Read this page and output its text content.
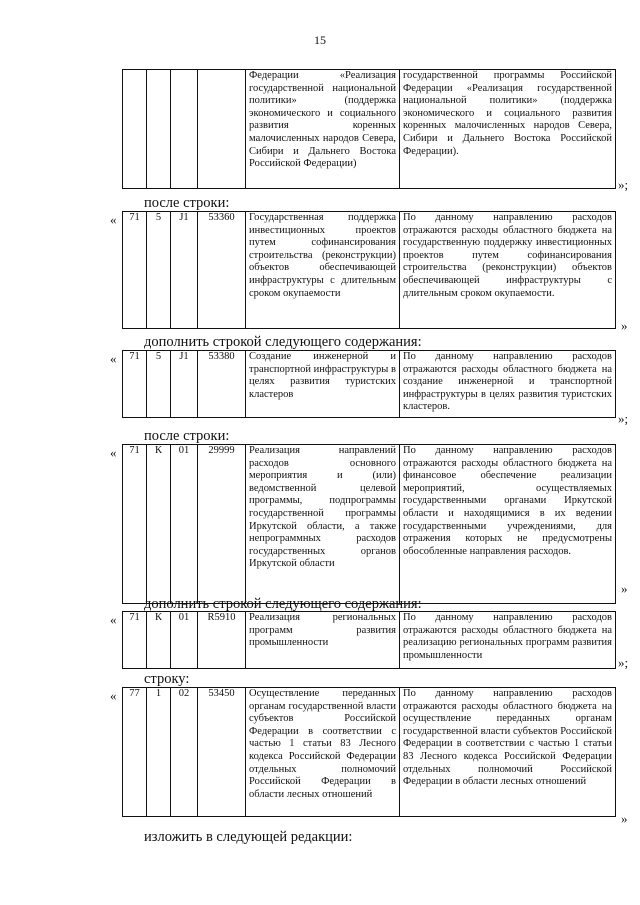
15
				Федерации «Реализация государственной национальной политики» (поддержка экономического и социального развития коренных малочисленных народов Севера, Сибири и Дальнего Востока Российской Федерации)	государственной программы Российской Федерации «Реализация государственной национальной политики» (поддержка экономического и социального развития коренных малочисленных народов Севера, Сибири и Дальнего Востока Российской Федерации).
»;
после строки:
« 71	5	J1	53360	Государственная поддержка инвестиционных проектов путем софинансирования строительства (реконструкции) объектов обеспечивающей инфраструктуры с длительным сроком окупаемости	По данному направлению расходов отражаются расходы областного бюджета на государственную поддержку инвестиционных проектов путем софинансирования строительства (реконструкции) объектов обеспечивающей инфраструктуры с длительным сроком окупаемости.
»
дополнить строкой следующего содержания:
« 71	5	J1	53380	Создание инженерной и транспортной инфраструктуры в целях развития туристских кластеров	По данному направлению расходов отражаются расходы областного бюджета на создание инженерной и транспортной инфраструктуры в целях развития туристских кластеров.
»;
после строки:
« 71	К	01	29999	Реализация направлений расходов основного мероприятия и (или) ведомственной целевой программы, подпрограммы государственной программы Иркутской области, а также непрограммных расходов государственных органов Иркутской области	По данному направлению расходов отражаются расходы областного бюджета на финансовое обеспечение реализации мероприятий, осуществляемых государственными органами Иркутской области и находящимися в их ведении государственными учреждениями, для отражения которых не предусмотрены обособленные направления расходов.
»
дополнить строкой следующего содержания:
« 71	К	01	R5910	Реализация региональных программ развития промышленности	По данному направлению расходов отражаются расходы областного бюджета на реализацию региональных программ развития промышленности	»;
строку:
« 77	1	02	53450	Осуществление переданных органам государственной власти субъектов Российской Федерации в соответствии с частью 1 статьи 83 Лесного кодекса Российской Федерации отдельных полномочий Российской Федерации в области лесных отношений	По данному направлению расходов отражаются расходы областного бюджета на осуществление переданных органам государственной власти субъектов Российской Федерации в соответствии с частью 1 статьи 83 Лесного кодекса Российской Федерации отдельных полномочий Российской Федерации в области лесных отношений
»
изложить в следующей редакции:
